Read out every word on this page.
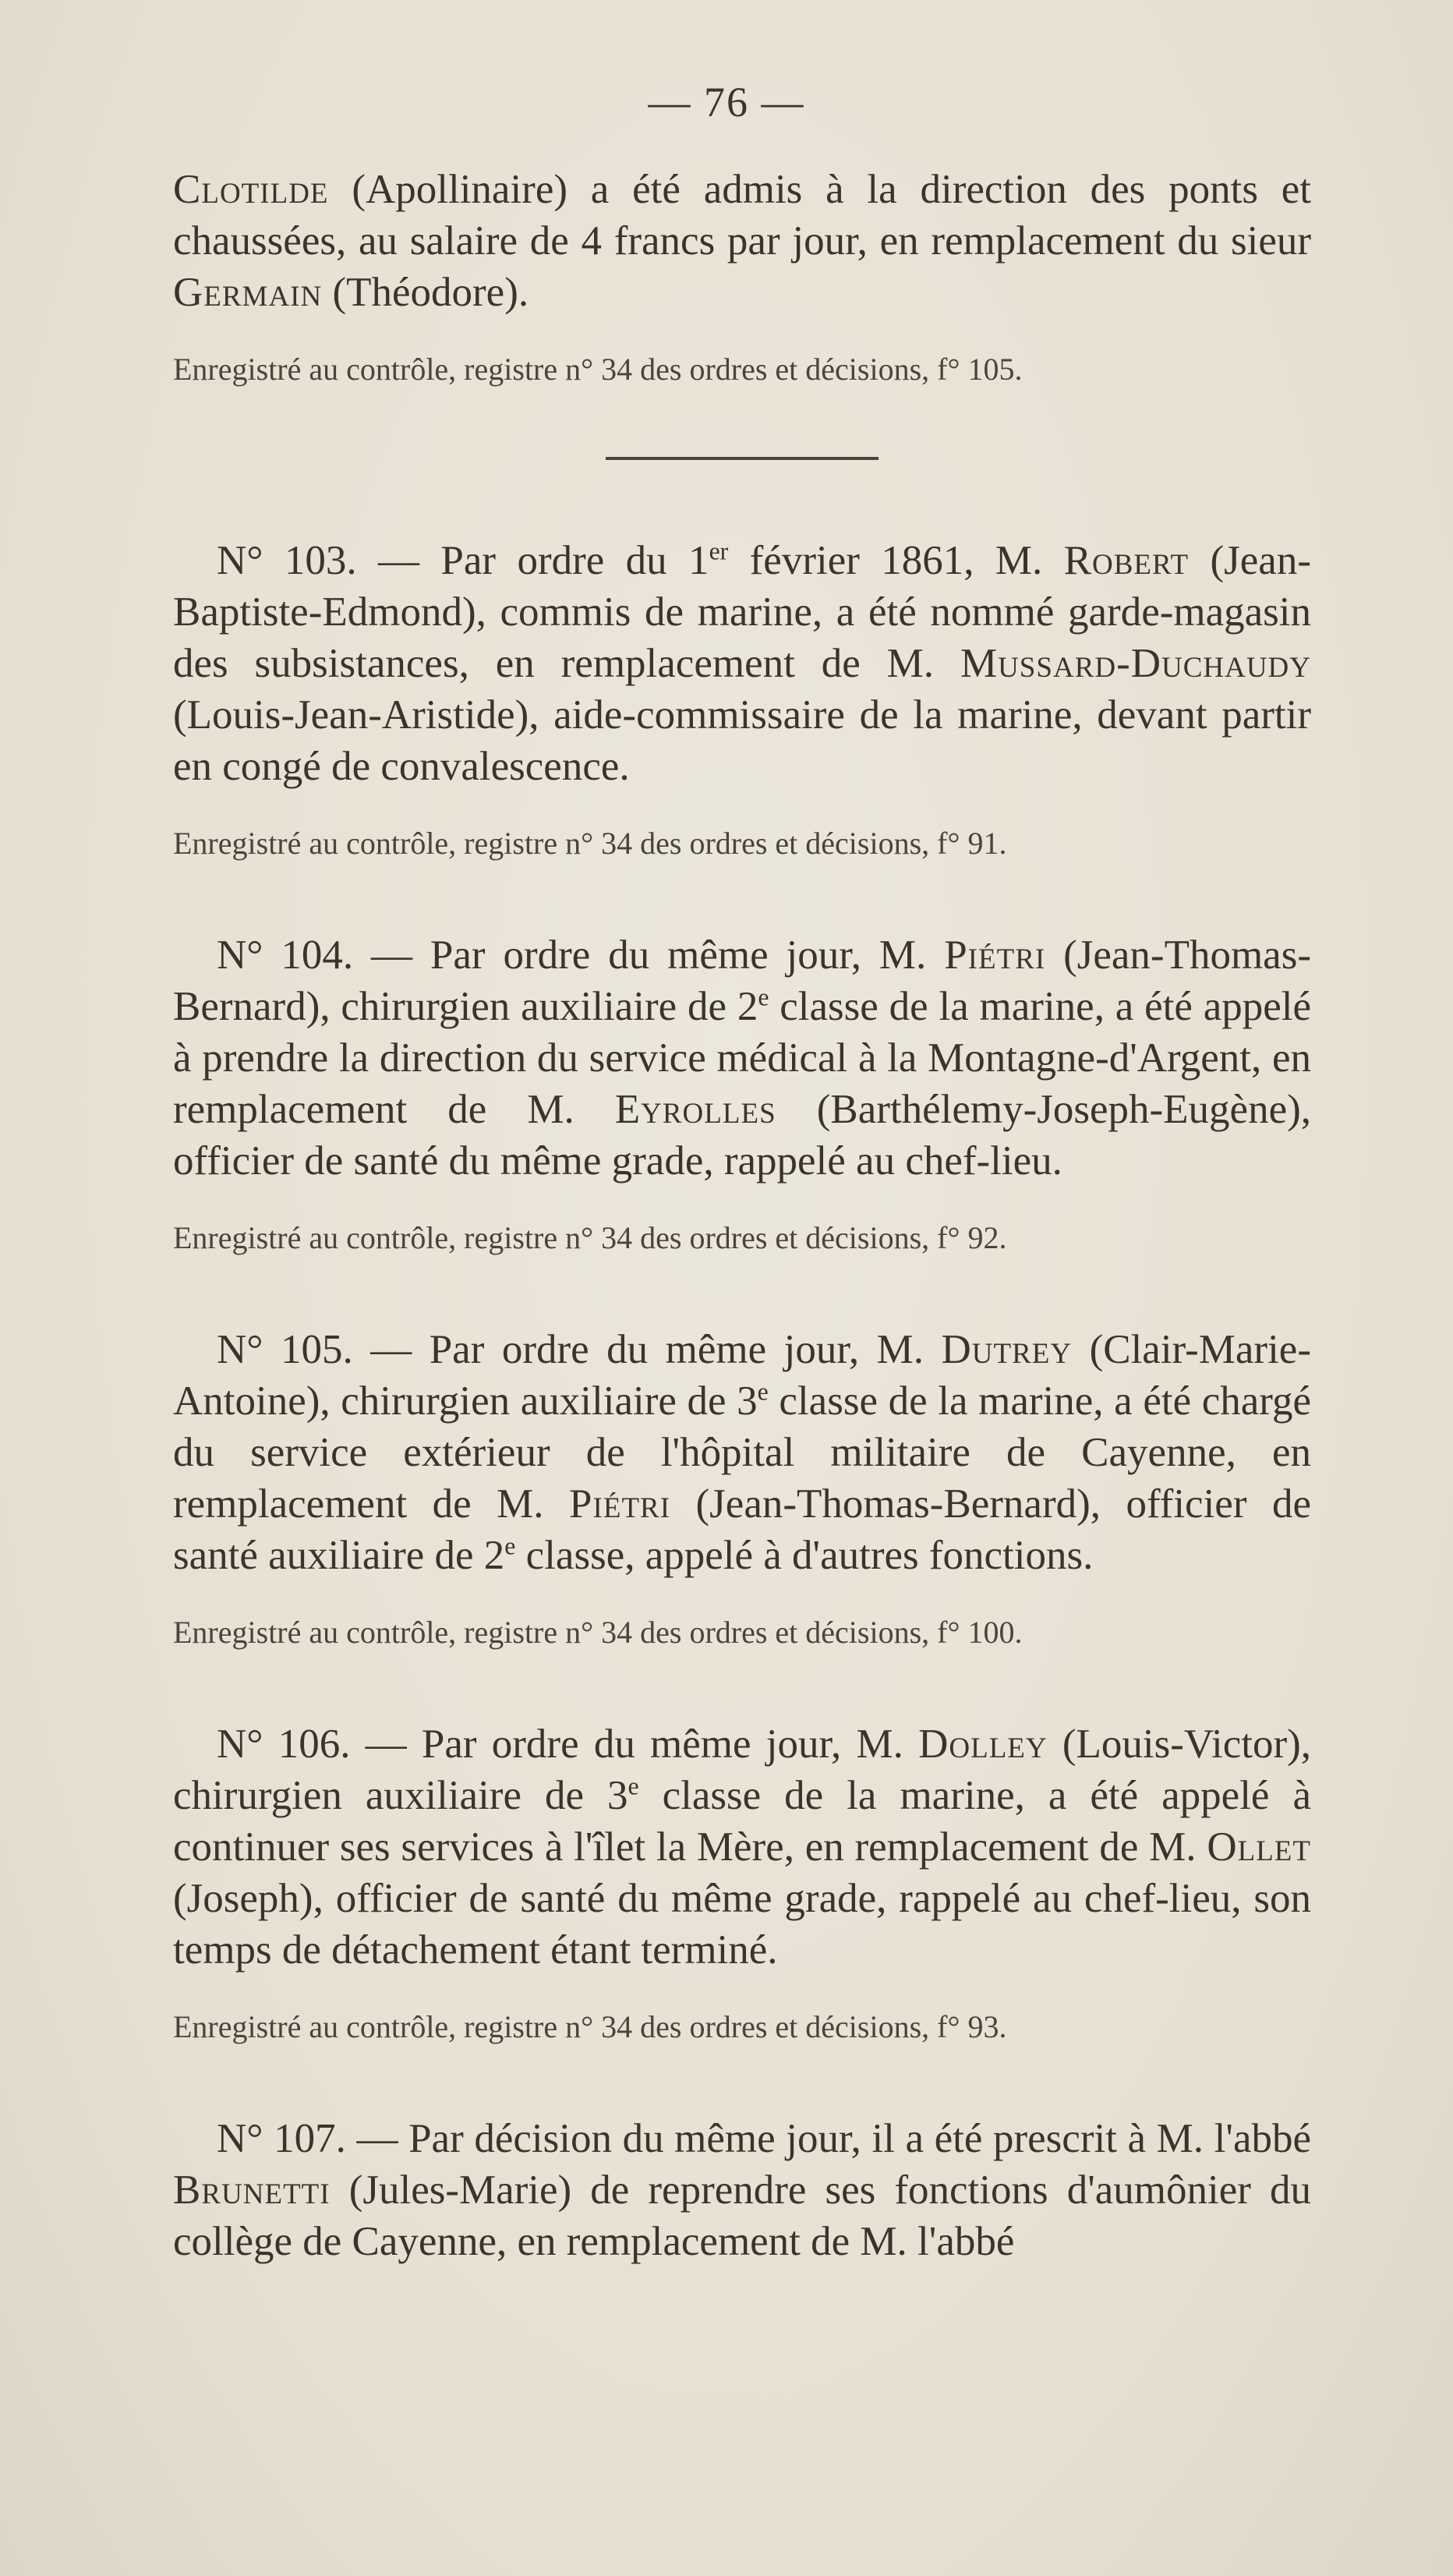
— 76 —

Clotilde (Apollinaire) a été admis à la direction des ponts et chaussées, au salaire de 4 francs par jour, en remplacement du sieur Germain (Théodore).

Enregistré au contrôle, registre n° 34 des ordres et décisions, f° 105.

N° 103. — Par ordre du 1er février 1861, M. Robert (Jean-Baptiste-Edmond), commis de marine, a été nommé garde-magasin des subsistances, en remplacement de M. Mussard-Duchaudy (Louis-Jean-Aristide), aide-commissaire de la marine, devant partir en congé de convalescence.

Enregistré au contrôle, registre n° 34 des ordres et décisions, f° 91.

N° 104. — Par ordre du même jour, M. Piétri (Jean-Thomas-Bernard), chirurgien auxiliaire de 2e classe de la marine, a été appelé à prendre la direction du service médical à la Montagne-d'Argent, en remplacement de M. Eyrolles (Barthélemy-Joseph-Eugène), officier de santé du même grade, rappelé au chef-lieu.

Enregistré au contrôle, registre n° 34 des ordres et décisions, f° 92.

N° 105. — Par ordre du même jour, M. Dutrey (Clair-Marie-Antoine), chirurgien auxiliaire de 3e classe de la marine, a été chargé du service extérieur de l'hôpital militaire de Cayenne, en remplacement de M. Piétri (Jean-Thomas-Bernard), officier de santé auxiliaire de 2e classe, appelé à d'autres fonctions.

Enregistré au contrôle, registre n° 34 des ordres et décisions, f° 100.

N° 106. — Par ordre du même jour, M. Dolley (Louis-Victor), chirurgien auxiliaire de 3e classe de la marine, a été appelé à continuer ses services à l'îlet la Mère, en remplacement de M. Ollet (Joseph), officier de santé du même grade, rappelé au chef-lieu, son temps de détachement étant terminé.

Enregistré au contrôle, registre n° 34 des ordres et décisions, f° 93.

N° 107. — Par décision du même jour, il a été prescrit à M. l'abbé Brunetti (Jules-Marie) de reprendre ses fonctions d'aumônier du collège de Cayenne, en remplacement de M. l'abbé
